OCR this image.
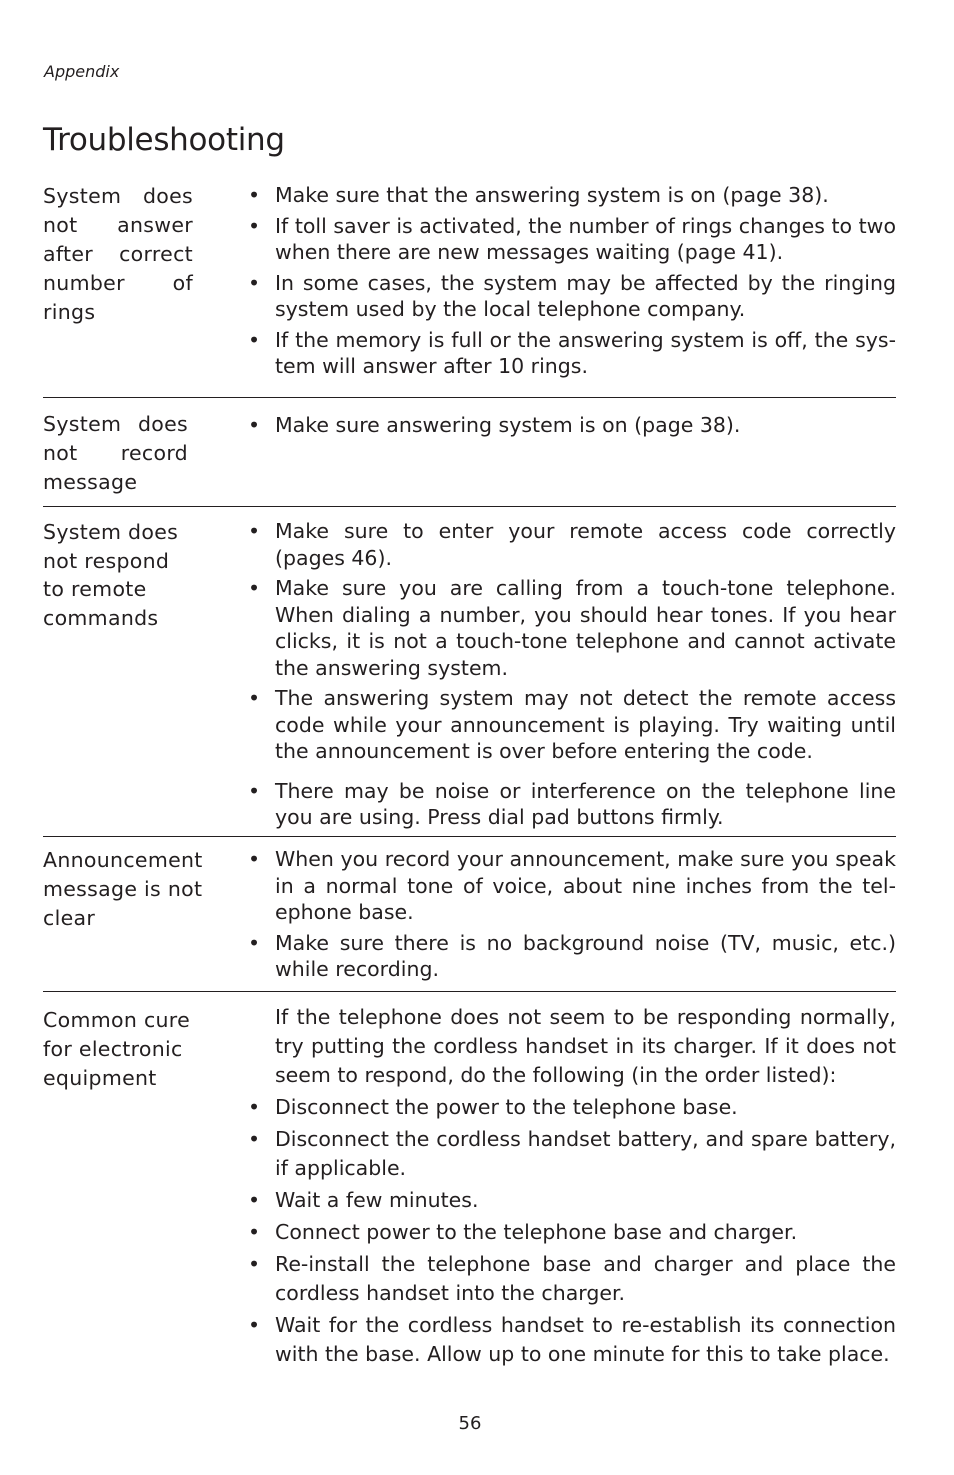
Appendix

Troubleshooting
System does not answer after correct number of rings
• Make sure that the answering system is on (page 38).
• If toll saver is activated, the number of rings changes to two when there are new messages waiting (page 41).
• In some cases, the system may be affected by the ringing system used by the local telephone company.
• If the memory is full or the answering system is off, the sys-tem will answer after 10 rings.
System does not record message
• Make sure answering system is on (page 38).
System does not respond to remote commands
• Make sure to enter your remote access code correctly (pages 46).
• Make sure you are calling from a touch-tone telephone. When dialing a number, you should hear tones. If you hear clicks, it is not a touch-tone telephone and cannot activate the answering system.
• The answering system may not detect the remote access code while your announcement is playing. Try waiting until the announcement is over before entering the code.
• There may be noise or interference on the telephone line you are using. Press dial pad buttons firmly.
Announcement message is not clear
• When you record your announcement, make sure you speak in a normal tone of voice, about nine inches from the tel-ephone base.
• Make sure there is no background noise (TV, music, etc.) while recording.
Common cure for electronic equipment

If the telephone does not seem to be responding normally, try putting the cordless handset in its charger. If it does not seem to respond, do the following (in the order listed):

• Disconnect the power to the telephone base.
• Disconnect the cordless handset battery, and spare battery, if applicable.
• Wait a few minutes.
• Connect power to the telephone base and charger.
• Re-install the telephone base and charger and place the cordless handset into the charger.
• Wait for the cordless handset to re-establish its connection with the base. Allow up to one minute for this to take place.

56
